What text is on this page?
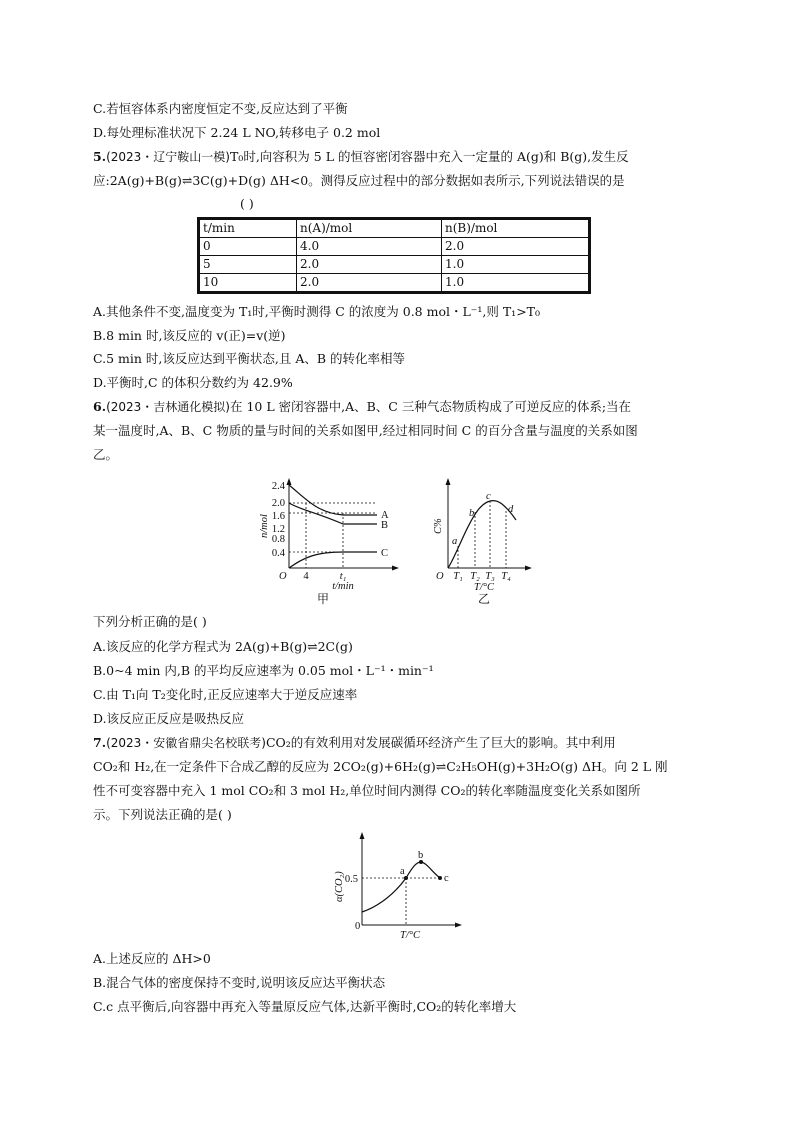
C.若恒容体系内密度恒定不变,反应达到了平衡
D.每处理标准状况下 2.24 L NO,转移电子 0.2 mol
5.(2023・辽宁鞍山一模)T₀时,向容积为 5 L 的恒容密闭容器中充入一定量的 A(g)和 B(g),发生反
应:2A(g)+B(g)⇌3C(g)+D(g) ΔH<0。测得反应过程中的部分数据如表所示,下列说法错误的是
( )
t/min	n(A)/mol	n(B)/mol
0	4.0	2.0
5	2.0	1.0
10	2.0	1.0
A.其他条件不变,温度变为 T₁时,平衡时测得 C 的浓度为 0.8 mol・L⁻¹,则 T₁>T₀
B.8 min 时,该反应的 v(正)=v(逆)
C.5 min 时,该反应达到平衡状态,且 A、B 的转化率相等
D.平衡时,C 的体积分数约为 42.9%
6.(2023・吉林通化模拟)在 10 L 密闭容器中,A、B、C 三种气态物质构成了可逆反应的体系;当在
某一温度时,A、B、C 物质的量与时间的关系如图甲,经过相同时间 C 的百分含量与温度的关系如图
乙。
2.4
2.0
1.6
1.2
0.8
0.4
n/mol
O 4	t₁
t/min
A
B
C
甲
C%
a
b
c
d
O T₁ T₂ T₃ T₄
T/°C
乙
下列分析正确的是( )
A.该反应的化学方程式为 2A(g)+B(g)⇌2C(g)
B.0~4 min 内,B 的平均反应速率为 0.05 mol・L⁻¹・min⁻¹
C.由 T₁向 T₂变化时,正反应速率大于逆反应速率
D.该反应正反应是吸热反应
7.(2023・安徽省鼎尖名校联考)CO₂的有效利用对发展碳循环经济产生了巨大的影响。其中利用
CO₂和 H₂,在一定条件下合成乙醇的反应为 2CO₂(g)+6H₂(g)⇌C₂H₅OH(g)+3H₂O(g) ΔH。向 2 L 刚
性不可变容器中充入 1 mol CO₂和 3 mol H₂,单位时间内测得 CO₂的转化率随温度变化关系如图所
示。下列说法正确的是( )
α(CO₂) 0.5
0
a
b
c
T/°C
A.上述反应的 ΔH>0
B.混合气体的密度保持不变时,说明该反应达平衡状态
C.c 点平衡后,向容器中再充入等量原反应气体,达新平衡时,CO₂的转化率增大
